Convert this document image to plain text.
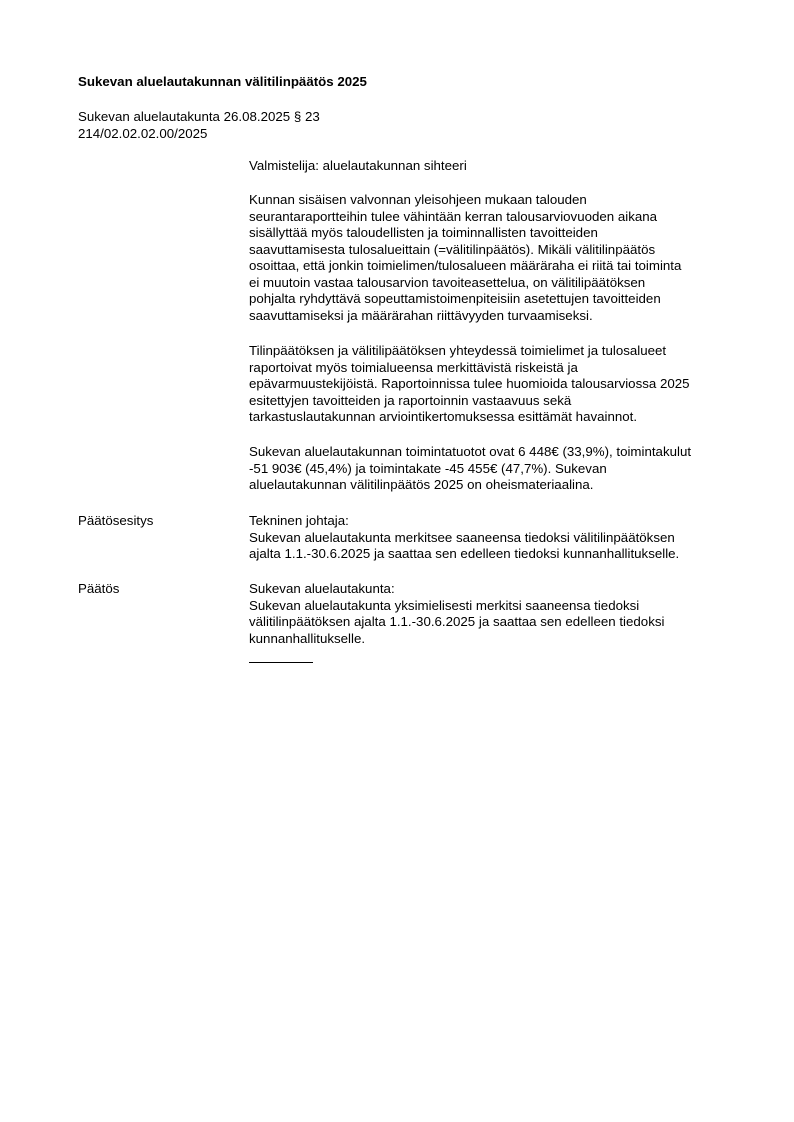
Sukevan aluelautakunnan välitilinpäätös 2025
Sukevan aluelautakunta 26.08.2025 § 23
214/02.02.02.00/2025
Valmistelija: aluelautakunnan sihteeri
Kunnan sisäisen valvonnan yleisohjeen mukaan talouden
seurantaraportteihin tulee vähintään kerran talousarviovuoden aikana
sisällyttää myös taloudellisten ja toiminnallisten tavoitteiden
saavuttamisesta tulosalueittain (=välitilinpäätös). Mikäli välitilinpäätös
osoittaa, että jonkin toimielimen/tulosalueen määräraha ei riitä tai toiminta
ei muutoin vastaa talousarvion tavoiteasettelua, on välitilipäätöksen
pohjalta ryhdyttävä sopeuttamistoimenpiteisiin asetettujen tavoitteiden
saavuttamiseksi ja määrärahan riittävyyden turvaamiseksi.
Tilinpäätöksen ja välitilipäätöksen yhteydessä toimielimet ja tulosalueet
raportoivat myös toimialueensa merkittävistä riskeistä ja
epävarmuustekijöistä. Raportoinnissa tulee huomioida talousarviossa 2025
esitettyjen tavoitteiden ja raportoinnin vastaavuus sekä
tarkastuslautakunnan arviointikertomuksessa esittämät havainnot.
Sukevan aluelautakunnan toimintatuotot ovat 6 448€ (33,9%), toimintakulut
-51 903€ (45,4%) ja toimintakate -45 455€ (47,7%). Sukevan
aluelautakunnan välitilinpäätös 2025 on oheismateriaalina.
Päätösesitys	Tekninen johtaja:
Sukevan aluelautakunta merkitsee saaneensa tiedoksi välitilinpäätöksen
ajalta 1.1.-30.6.2025 ja saattaa sen edelleen tiedoksi kunnanhallitukselle.
Päätös	Sukevan aluelautakunta:
Sukevan aluelautakunta yksimielisesti merkitsi saaneensa tiedoksi
välitilinpäätöksen ajalta 1.1.-30.6.2025 ja saattaa sen edelleen tiedoksi
kunnanhallitukselle.
